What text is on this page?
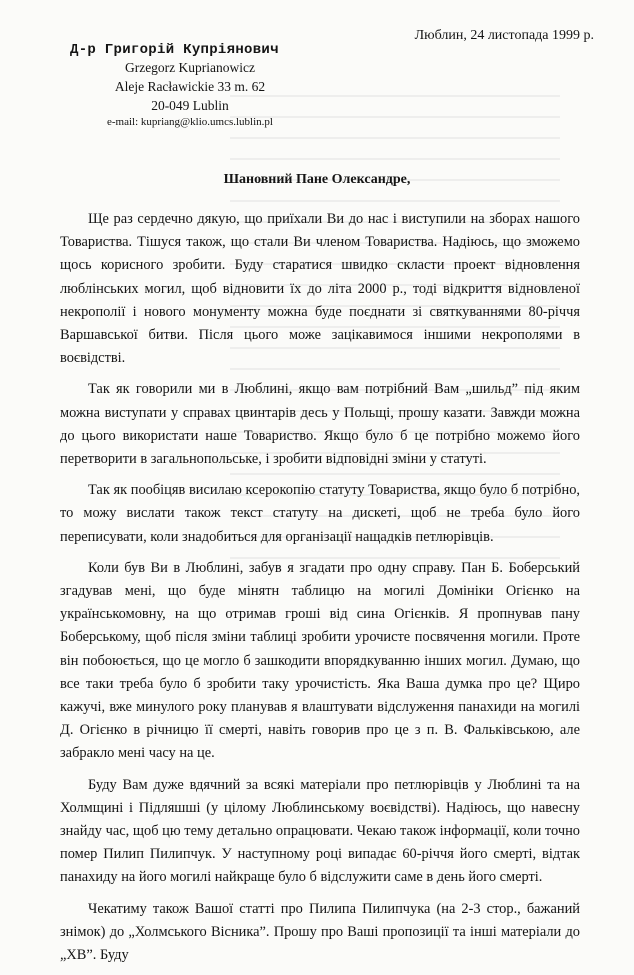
Люблин, 24 листопада 1999 р.
Д-р Григорій Купріянович
Grzegorz Kuprianowicz
Aleje Racławickie 33 m. 62
20-049 Lublin
e-mail: kupriang@klio.umcs.lublin.pl
Шановний Пане Олександре,

Ще раз сердечно дякую, що приїхали Ви до нас і виступили на зборах нашого Товариства. Тішуся також, що стали Ви членом Товариства. Надіюсь, що зможемо щось корисного зробити. Буду старатися швидко скласти проект відновлення люблінських могил, щоб відновити їх до літа 2000 р., тоді відкриття відновленої некрополії і нового монументу можна буде поєднати зі святкуваннями 80-річчя Варшавської битви. Після цього може зацікавимося іншими некрополями в воєвідстві.

Так як говорили ми в Люблині, якщо вам потрібний Вам „шильд” під яким можна виступати у справах цвинтарів десь у Польщі, прошу казати. Завжди можна до цього використати наше Товариство. Якщо було б це потрібно можемо його перетворити в загальнопольське, і зробити відповідні зміни у статуті.

Так як пообіцяв висилаю ксерокопію статуту Товариства, якщо було б потрібно, то можу вислати також текст статуту на дискеті, щоб не треба було його переписувати, коли знадобиться для організації нащадків петлюрівців.

Коли був Ви в Люблині, забув я згадати про одну справу. Пан Б. Боберський згадував мені, що буде мінятн таблицю на могилі Домініки Огієнко на українськомовну, на що отримав гроші від сина Огієнків. Я пропнував пану Боберському, щоб після зміни таблиці зробити урочисте посвячення могили. Проте він побоюється, що це могло б зашкодити впорядкуванню інших могил. Думаю, що все таки треба було б зробити таку урочистість. Яка Ваша думка про це? Щиро кажучі, вже минулого року планував я влаштувати відслуження панахиди на могилі Д. Огієнко в річницю її смерті, навіть говорив про це з п. В. Фальківською, але забракло мені часу на це.

Буду Вам дуже вдячний за всякі матеріали про петлюрівців у Люблині та на Холмщині і Підляшші (у цілому Люблинському воєвідстві). Надіюсь, що навесну знайду час, щоб цю тему детально опрацювати. Чекаю також інформації, коли точно помер Пилип Пилипчук. У наступному році випадає 60-річчя його смерті, відтак панахиду на його могилі найкраще було б відслужити саме в день його смерті.

Чекатиму також Вашої статті про Пилипа Пилипчука (на 2-3 стор., бажаний знімок) до „Холмського Вісника”. Прошу про Ваші пропозиції та інші матеріали до „ХВ”. Буду
